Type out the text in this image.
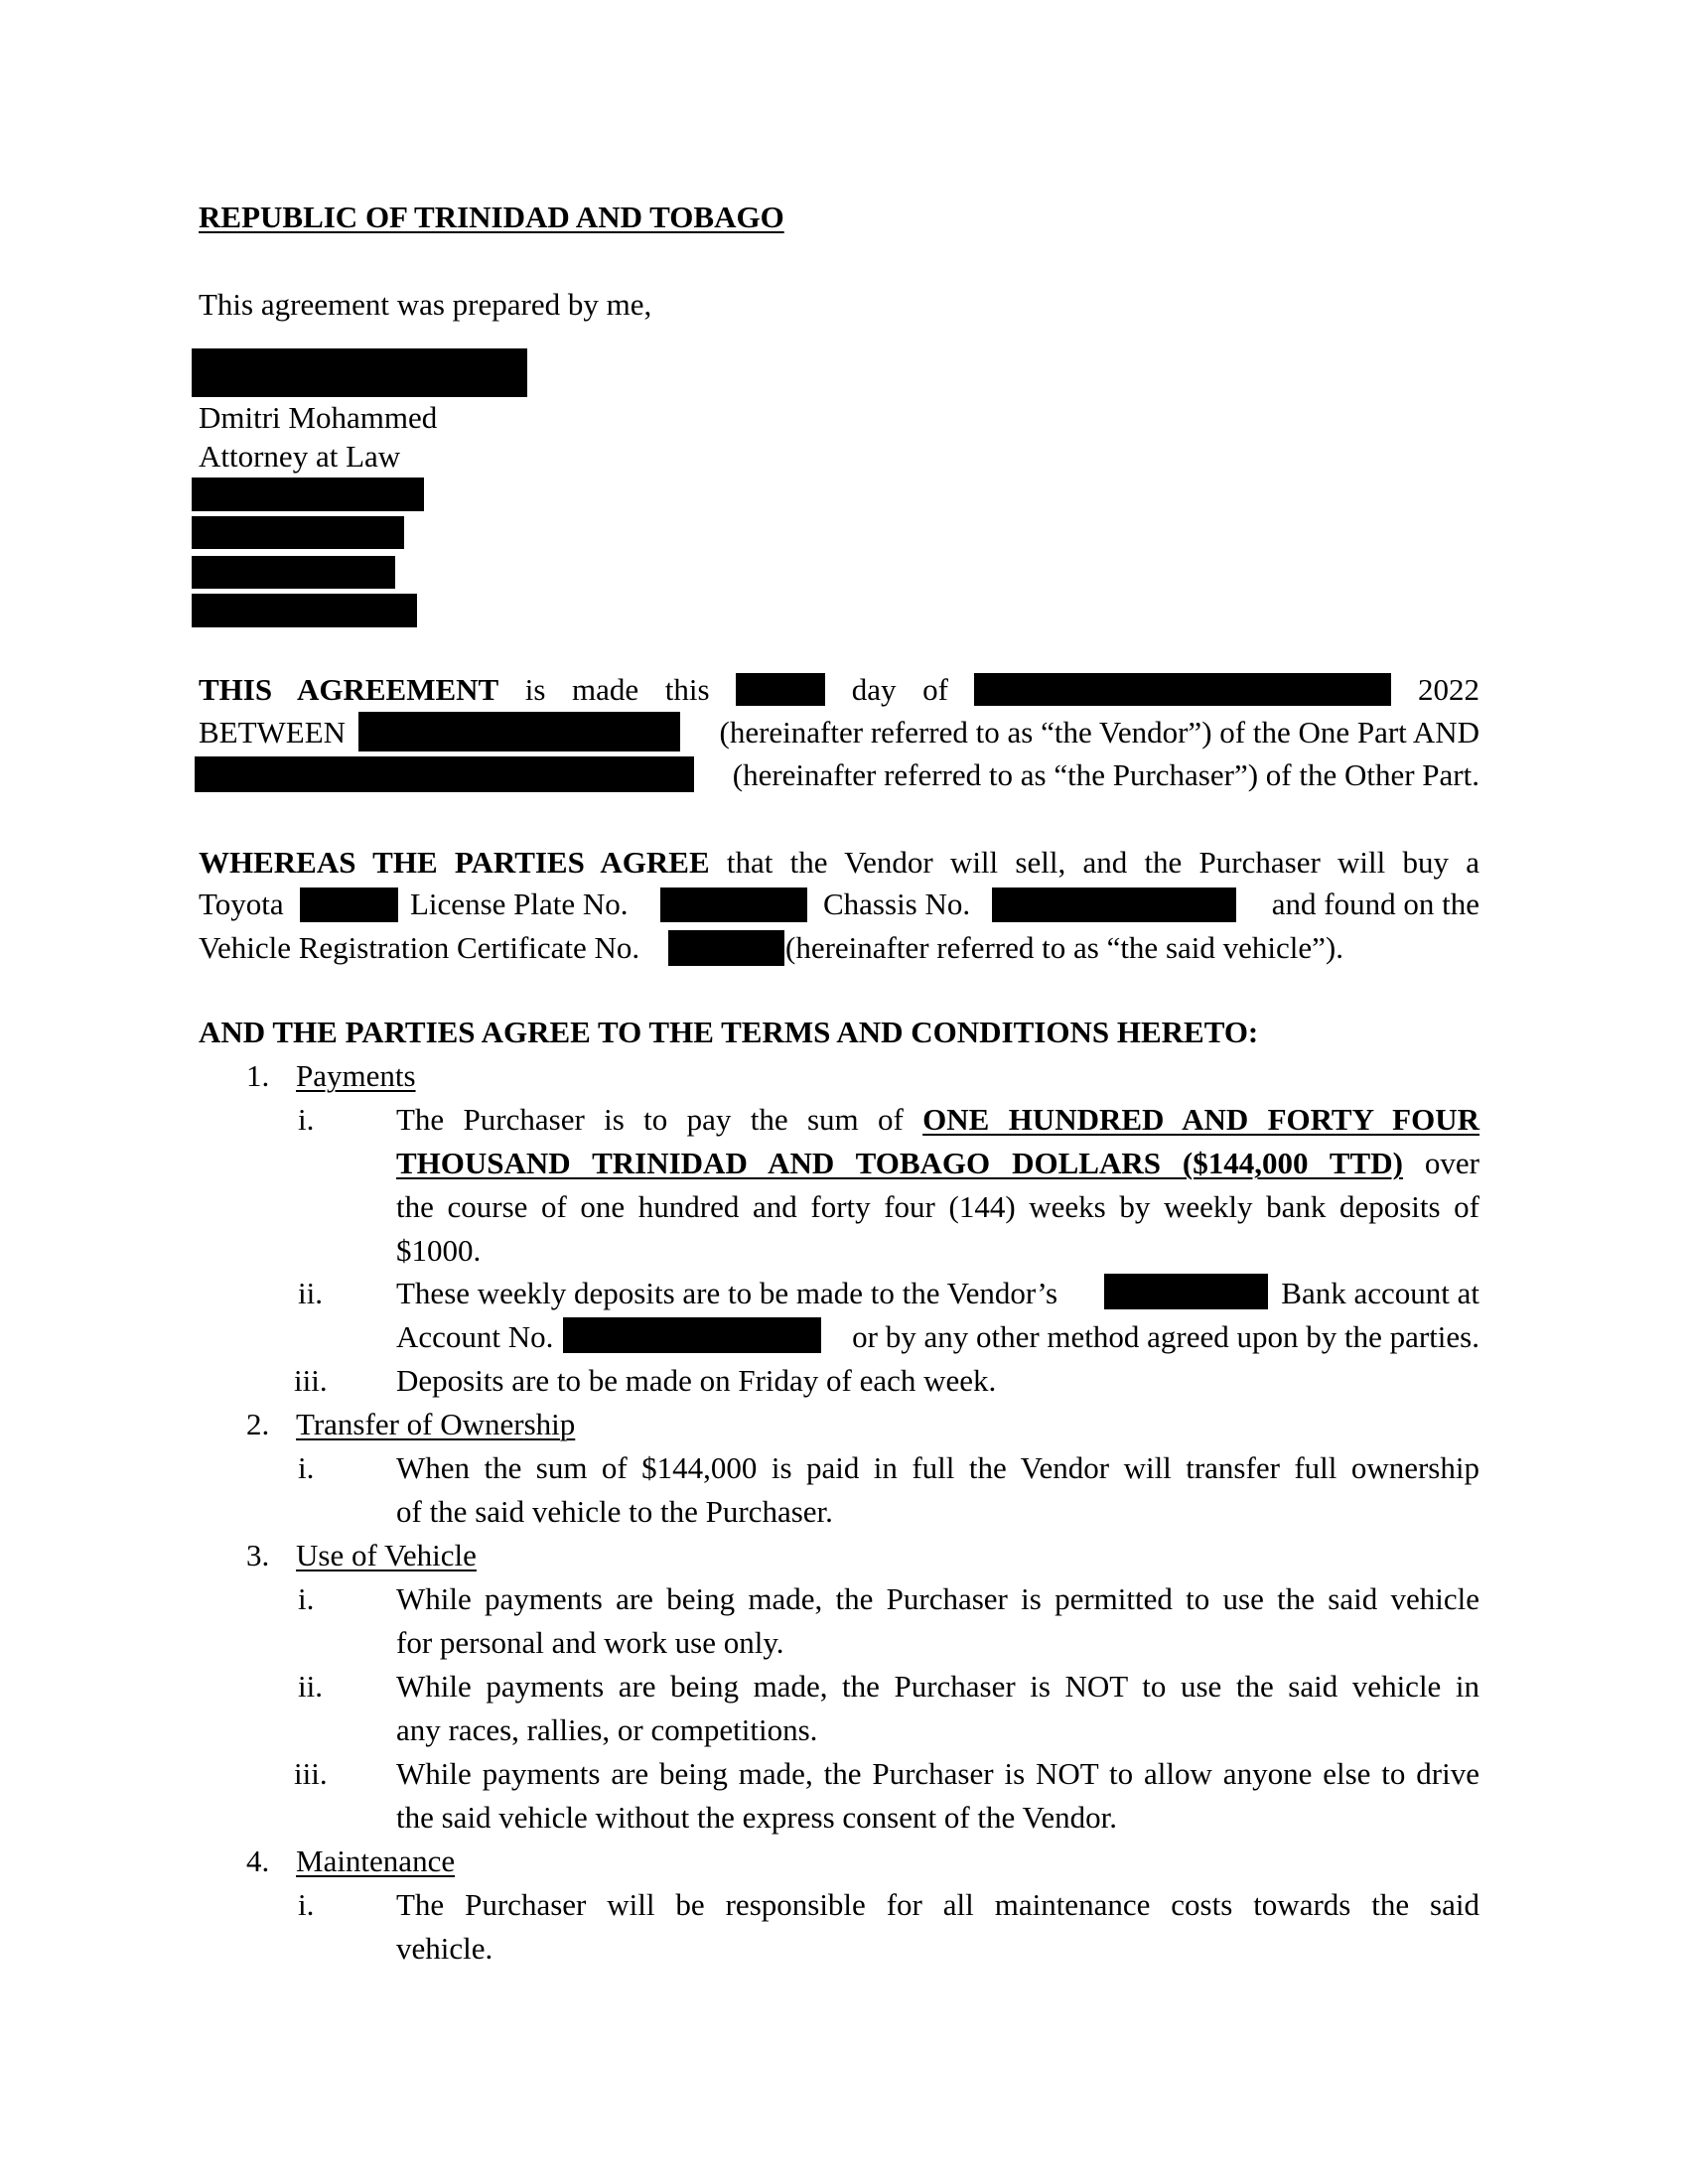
REPUBLIC OF TRINIDAD AND TOBAGO
This agreement was prepared by me,
Dmitri Mohammed
Attorney at Law
THIS AGREEMENT is made this	day of	2022
BETWEEN	(hereinafter referred to as “the Vendor”) of the One Part AND
(hereinafter referred to as “the Purchaser”) of the Other Part.
WHEREAS THE PARTIES AGREE that the Vendor will sell, and the Purchaser will buy a
Toyota	License Plate No.	Chassis No.	and found on the
Vehicle Registration Certificate No.	(hereinafter referred to as “the said vehicle”).
AND THE PARTIES AGREE TO THE TERMS AND CONDITIONS HERETO:
1. Payments
i.	The Purchaser is to pay the sum of ONE HUNDRED AND FORTY FOUR
THOUSAND TRINIDAD AND TOBAGO DOLLARS ($144,000 TTD) over
the course of one hundred and forty four (144) weeks by weekly bank deposits of
$1000.
ii. These weekly deposits are to be made to the Vendor’s	Bank account at
Account No.	or by any other method agreed upon by the parties.
iii. Deposits are to be made on Friday of each week.
2. Transfer of Ownership
i.	When the sum of $144,000 is paid in full the Vendor will transfer full ownership
of the said vehicle to the Purchaser.
3. Use of Vehicle
i.	While payments are being made, the Purchaser is permitted to use the said vehicle
for personal and work use only.
ii. While payments are being made, the Purchaser is NOT to use the said vehicle in
any races, rallies, or competitions.
iii. While payments are being made, the Purchaser is NOT to allow anyone else to drive
the said vehicle without the express consent of the Vendor.
4. Maintenance
i.	The Purchaser will be responsible for all maintenance costs towards the said
vehicle.
